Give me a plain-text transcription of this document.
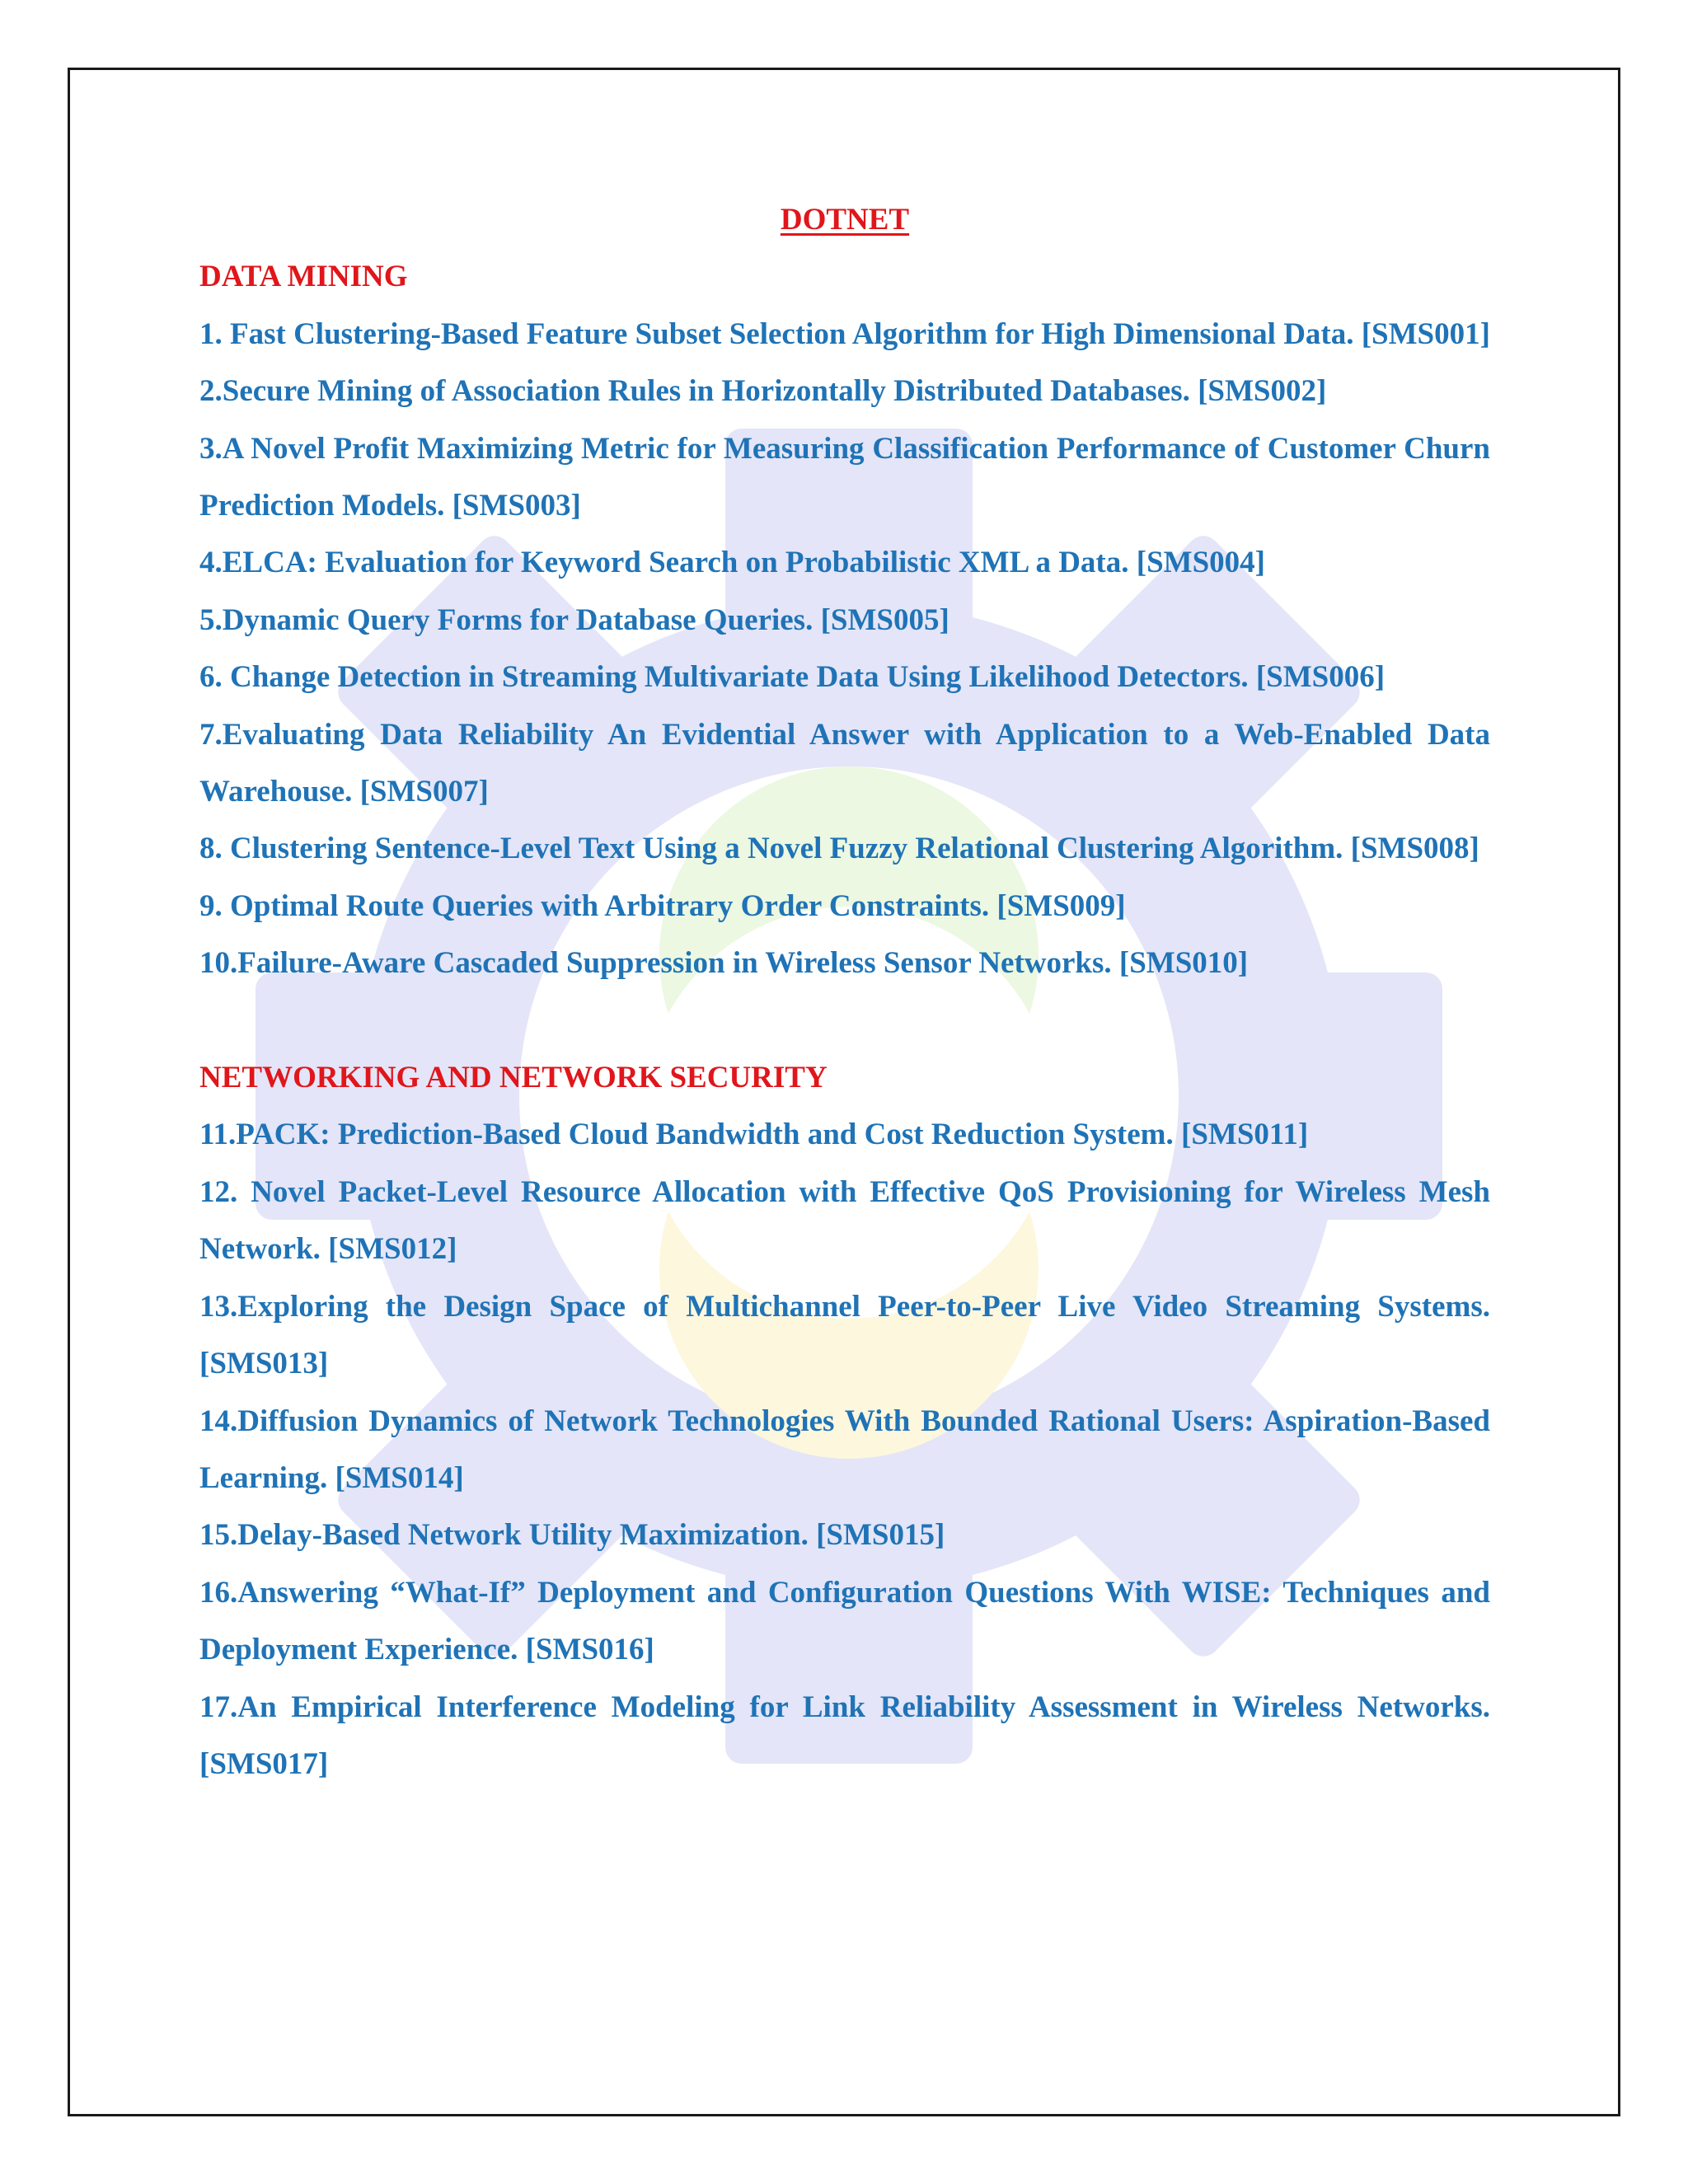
DOTNET

DATA MINING

1. Fast Clustering-Based Feature Subset Selection Algorithm for High Dimensional Data. [SMS001]

2.Secure Mining of Association Rules in Horizontally Distributed Databases. [SMS002]

3.A Novel Profit Maximizing Metric for Measuring Classification Performance of Customer Churn Prediction Models. [SMS003]

4.ELCA: Evaluation for Keyword Search on Probabilistic XML a Data. [SMS004]

5.Dynamic Query Forms for Database Queries. [SMS005]

6. Change Detection in Streaming Multivariate Data Using Likelihood Detectors. [SMS006]

7.Evaluating Data Reliability An Evidential Answer with Application to a Web-Enabled Data Warehouse. [SMS007]

8. Clustering Sentence-Level Text Using a Novel Fuzzy Relational Clustering Algorithm. [SMS008]

9. Optimal Route Queries with Arbitrary Order Constraints. [SMS009]

10.Failure-Aware Cascaded Suppression in Wireless Sensor Networks. [SMS010]

NETWORKING AND NETWORK SECURITY

11.PACK: Prediction-Based Cloud Bandwidth and Cost Reduction System. [SMS011]

12. Novel Packet-Level Resource Allocation with Effective QoS Provisioning for Wireless Mesh Network. [SMS012]

13.Exploring the Design Space of Multichannel Peer-to-Peer Live Video Streaming Systems. [SMS013]

14.Diffusion Dynamics of Network Technologies With Bounded Rational Users: Aspiration-Based Learning. [SMS014]

15.Delay-Based Network Utility Maximization. [SMS015]

16.Answering “What-If” Deployment and Configuration Questions With WISE: Techniques and Deployment Experience. [SMS016]

17.An Empirical Interference Modeling for Link Reliability Assessment in Wireless Networks. [SMS017]
